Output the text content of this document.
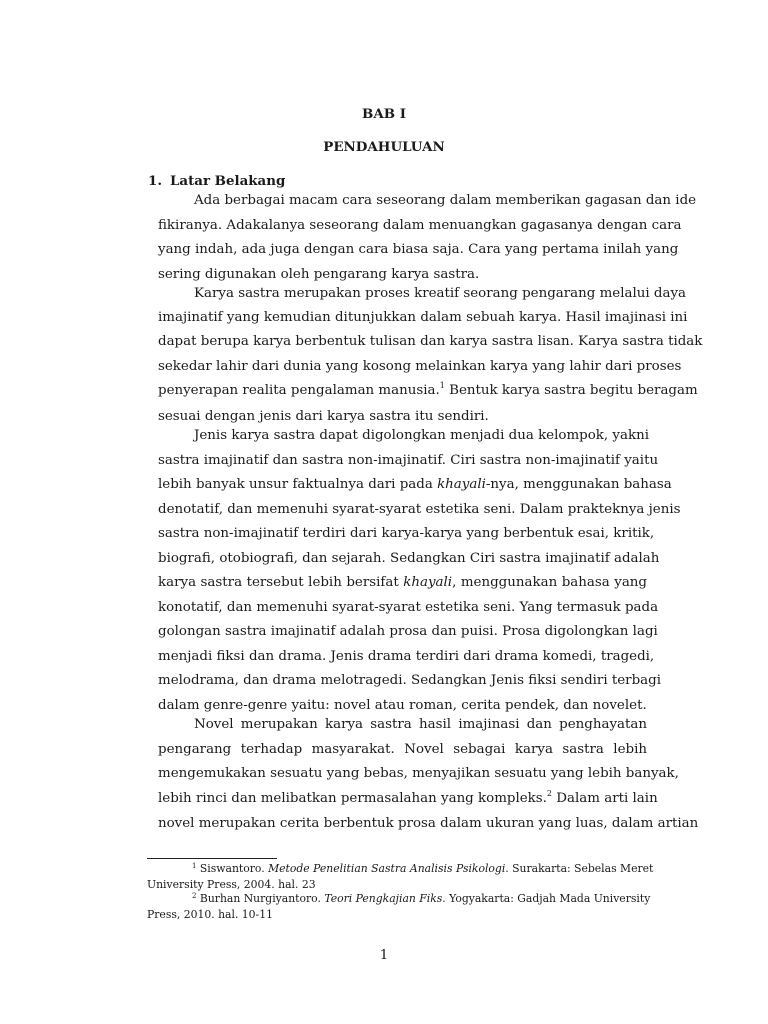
BAB I

PENDAHULUAN

1. Latar Belakang

Ada berbagai macam cara seseorang dalam memberikan gagasan dan ide

fikiranya. Adakalanya seseorang dalam menuangkan gagasanya dengan cara

yang indah, ada juga dengan cara biasa saja. Cara yang pertama inilah yang

sering digunakan oleh pengarang karya sastra.

Karya sastra merupakan proses kreatif seorang pengarang melalui daya

imajinatif yang kemudian ditunjukkan dalam sebuah karya. Hasil imajinasi ini

dapat berupa karya berbentuk tulisan dan karya sastra lisan. Karya sastra tidak

sekedar lahir dari dunia yang kosong melainkan karya yang lahir dari proses

penyerapan realita pengalaman manusia.$^1$ Bentuk karya sastra begitu beragam

sesuai dengan jenis dari karya sastra itu sendiri.

Jenis karya sastra dapat digolongkan menjadi dua kelompok, yakni

sastra imajinatif dan sastra non-imajinatif. Ciri sastra non-imajinatif yaitu

lebih banyak unsur faktualnya dari pada khayali-nya, menggunakan bahasa

denotatif, dan memenuhi syarat-syarat estetika seni. Dalam prakteknya jenis

sastra non-imajinatif terdiri dari karya-karya yang berbentuk esai, kritik,

biografi, otobiografi, dan sejarah. Sedangkan Ciri sastra imajinatif adalah

karya sastra tersebut lebih bersifat khayali, menggunakan bahasa yang

konotatif, dan memenuhi syarat-syarat estetika seni. Yang termasuk pada

golongan sastra imajinatif adalah prosa dan puisi. Prosa digolongkan lagi

menjadi fiksi dan drama. Jenis drama terdiri dari drama komedi, tragedi,

melodrama, dan drama melotragedi. Sedangkan Jenis fiksi sendiri terbagi

dalam genre-genre yaitu: novel atau roman, cerita pendek, dan novelet.

Novel merupakan karya sastra hasil imajinasi dan penghayatan

pengarang terhadap masyarakat. Novel sebagai karya sastra lebih

mengemukakan sesuatu yang bebas, menyajikan sesuatu yang lebih banyak,

lebih rinci dan melibatkan permasalahan yang kompleks.$^2$ Dalam arti lain

novel merupakan cerita berbentuk prosa dalam ukuran yang luas, dalam artian

$^1$ Siswantoro. Metode Penelitian Sastra Analisis Psikologi. Surakarta: Sebelas Meret

University Press, 2004. hal. 23

$^2$ Burhan Nurgiyantoro. Teori Pengkajian Fiks. Yogyakarta: Gadjah Mada University

Press, 2010. hal. 10-11

1
